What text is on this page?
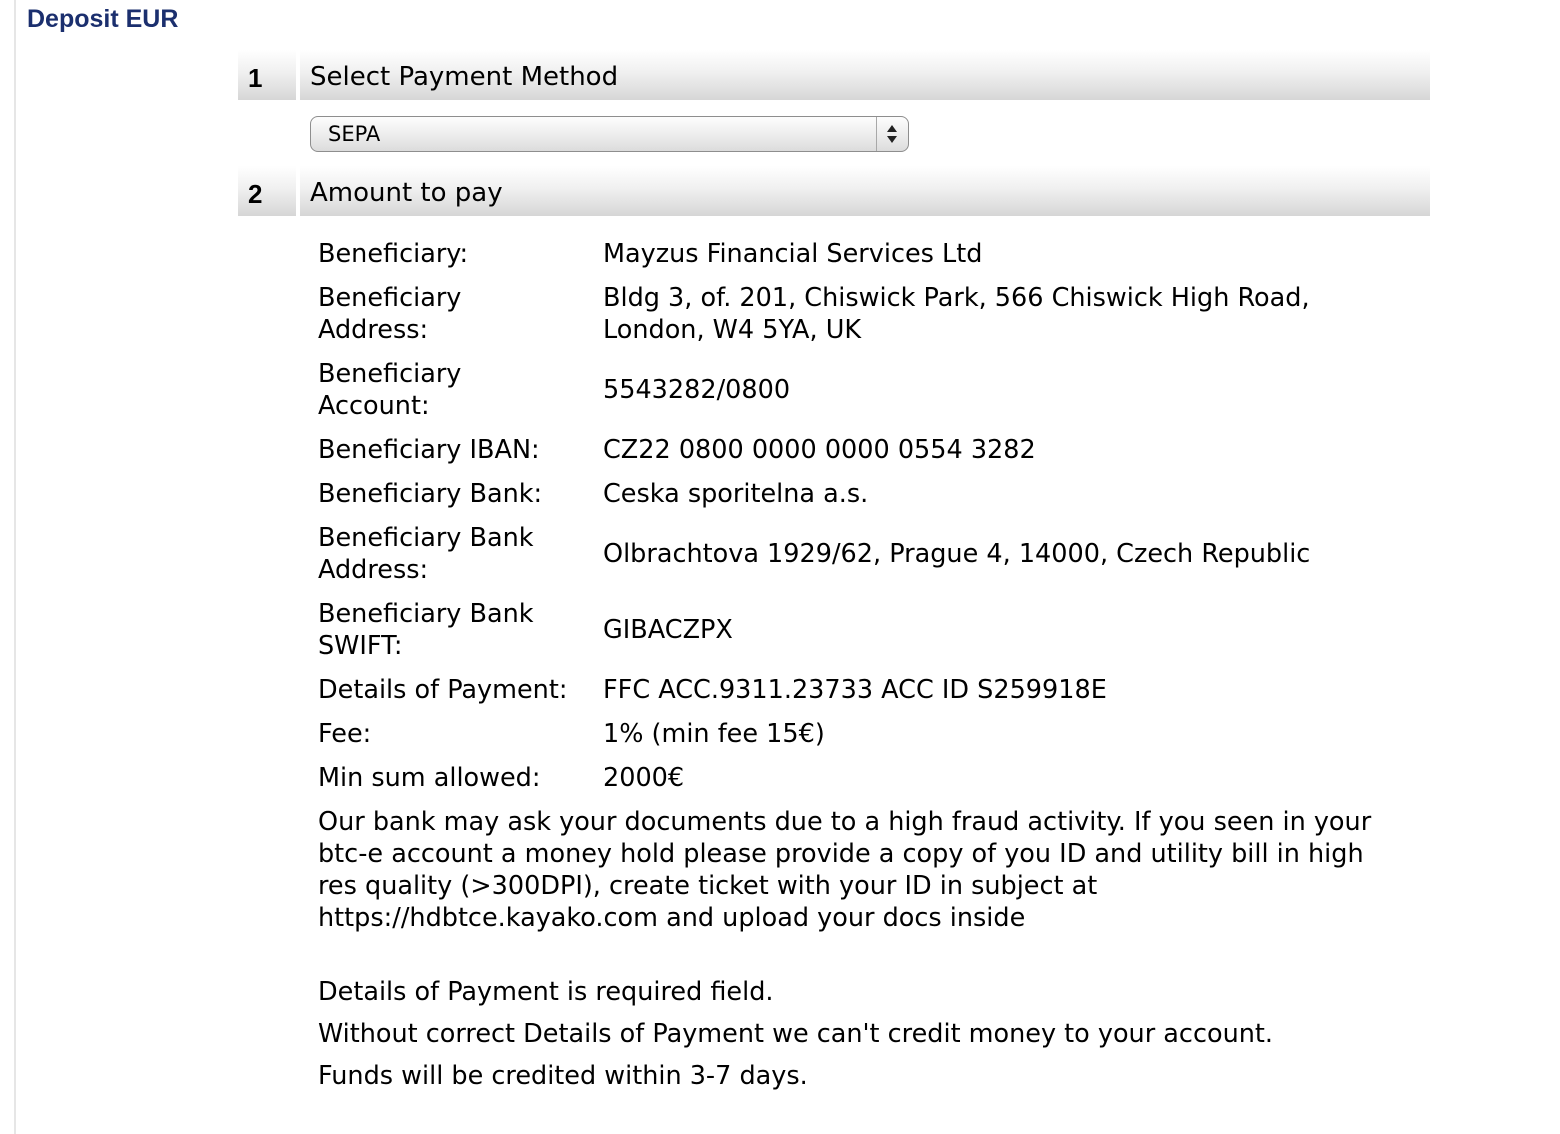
Deposit EUR
1	Select Payment Method
SEPA
2	Amount to pay
Beneficiary:	Mayzus Financial Services Ltd
Beneficiary Address:
Bldg 3, of. 201, Chiswick Park, 566 Chiswick High Road, London, W4 5YA, UK
Beneficiary Account:
5543282/0800
Beneficiary IBAN:	CZ22 0800 0000 0000 0554 3282
Beneficiary Bank:	Ceska sporitelna a.s.
Beneficiary Bank Address:
Olbrachtova 1929/62, Prague 4, 14000, Czech Republic
Beneficiary Bank SWIFT:
GIBACZPX
Details of Payment:	FFC ACC.9311.23733 ACC ID S259918E
Fee:	1% (min fee 15€)
Min sum allowed:	2000€

Our bank may ask your documents due to a high fraud activity. If you seen in your btc-e account a money hold please provide a copy of you ID and utility bill in high res quality (>300DPI), create ticket with your ID in subject at https://hdbtce.kayako.com and upload your docs inside

Details of Payment is required field.

Without correct Details of Payment we can't credit money to your account.

Funds will be credited within 3-7 days.
